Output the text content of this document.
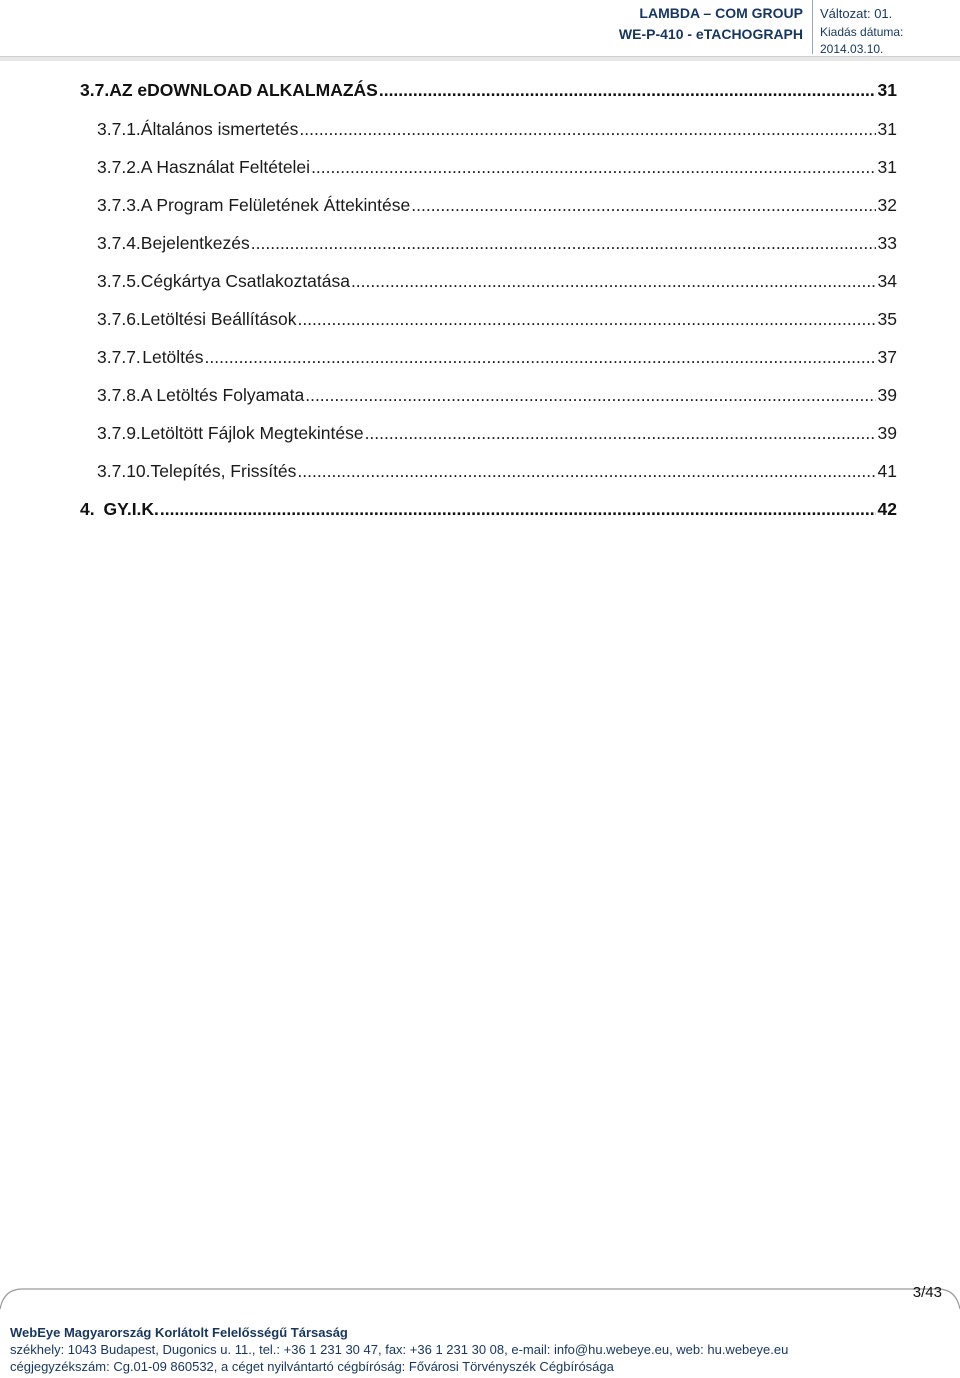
LAMBDA – COM GROUP
WE-P-410 - eTACHOGRAPH
Változat: 01.
Kiadás dátuma:
2014.03.10.
3.7. AZ eDOWNLOAD ALKALMAZÁS .....	31
3.7.1. Általános ismertetés .....	31
3.7.2. A Használat Feltételei .....	31
3.7.3. A Program Felületének Áttekintése .....	32
3.7.4. Bejelentkezés .....	33
3.7.5. Cégkártya Csatlakoztatása .....	34
3.7.6. Letöltési Beállítások .....	35
3.7.7. Letöltés .....	37
3.7.8. A Letöltés Folyamata .....	39
3.7.9. Letöltött Fájlok Megtekintése .....	39
3.7.10. Telepítés, Frissítés .....	41
4. GY.I.K. .....	42
3/43
WebEye Magyarország Korlátolt Felelősségű Társaság
székhely: 1043 Budapest, Dugonics u. 11., tel.: +36 1 231 30 47, fax: +36 1 231 30 08, e-mail: info@hu.webeye.eu, web: hu.webeye.eu
cégjegyzékszám: Cg.01-09 860532, a céget nyilvántartó cégbíróság: Fővárosi Törvényszék Cégbírósága
